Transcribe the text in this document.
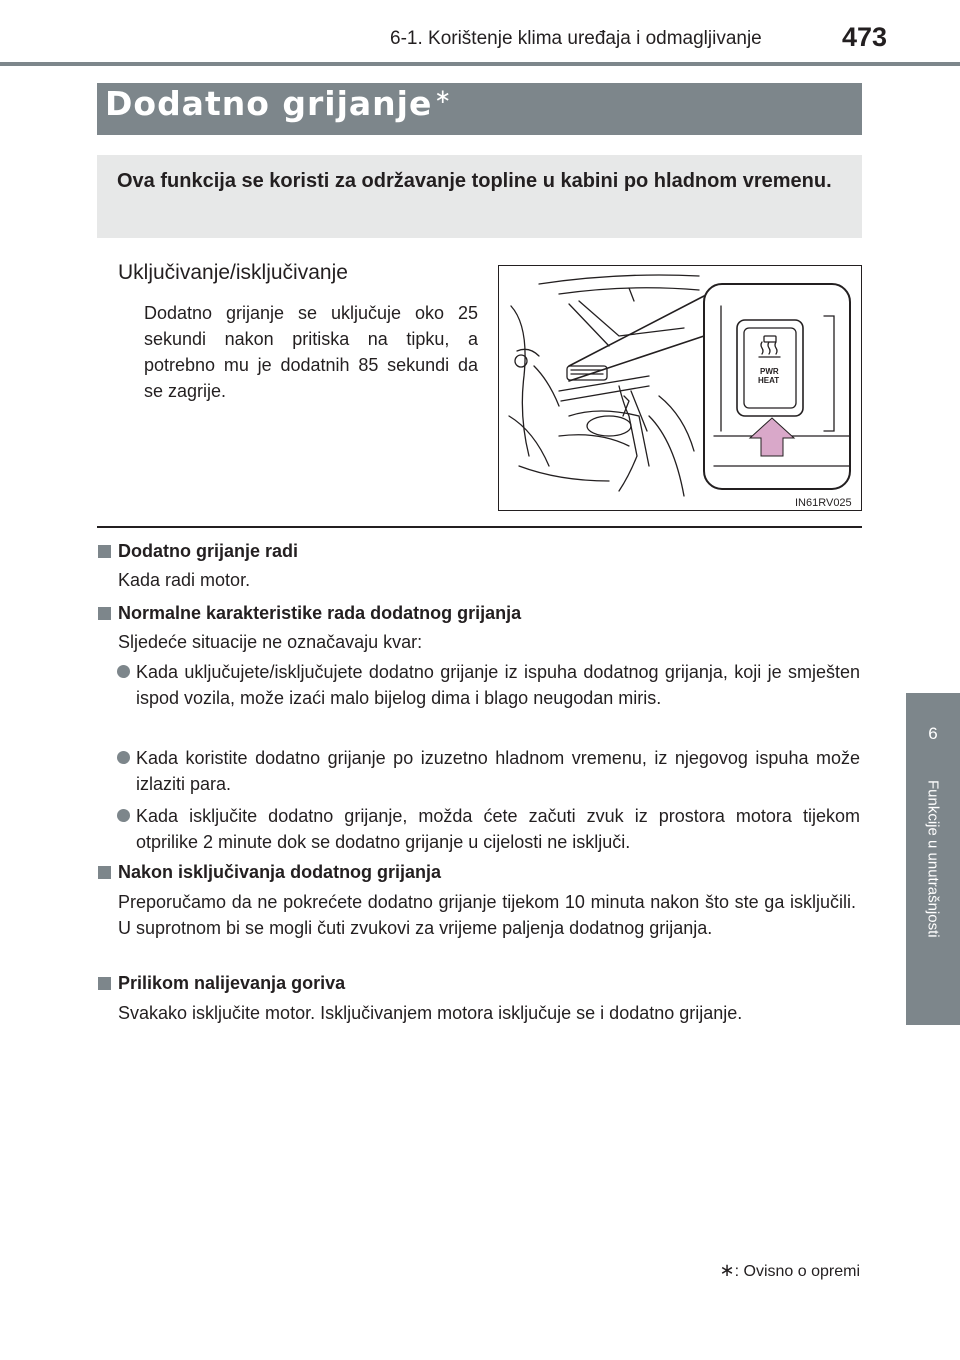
6-1. Korištenje klima uređaja i odmagljivanje	473
6
Funkcije u unutrašnjosti
Dodatno grijanje ∗
Ova funkcija se koristi za održavanje topline u kabini po hladnom vremenu.
Uključivanje/isključivanje
Dodatno grijanje se uključuje oko 25 sekundi nakon pritiska na tipku, a potrebno mu je dodatnih 85 sekundi da se zagrije.
PWR
HEAT
IN61RV025
Dodatno grijanje radi
Kada radi motor.
Normalne karakteristike rada dodatnog grijanja
Sljedeće situacije ne označavaju kvar:
Kada uključujete/isključujete dodatno grijanje iz ispuha dodatnog grijanja, koji je smješten ispod vozila, može izaći malo bijelog dima i blago neugodan miris.
Kada koristite dodatno grijanje po izuzetno hladnom vremenu, iz njegovog ispuha može izlaziti para.
Kada isključite dodatno grijanje, možda ćete začuti zvuk iz prostora motora tijekom otprilike 2 minute dok se dodatno grijanje u cijelosti ne isključi.
Nakon isključivanja dodatnog grijanja
Preporučamo da ne pokrećete dodatno grijanje tijekom 10 minuta nakon što ste ga isključili. U suprotnom bi se mogli čuti zvukovi za vrijeme paljenja dodatnog grijanja.
Prilikom nalijevanja goriva
Svakako isključite motor. Isključivanjem motora isključuje se i dodatno grijanje.
∗: Ovisno o opremi
